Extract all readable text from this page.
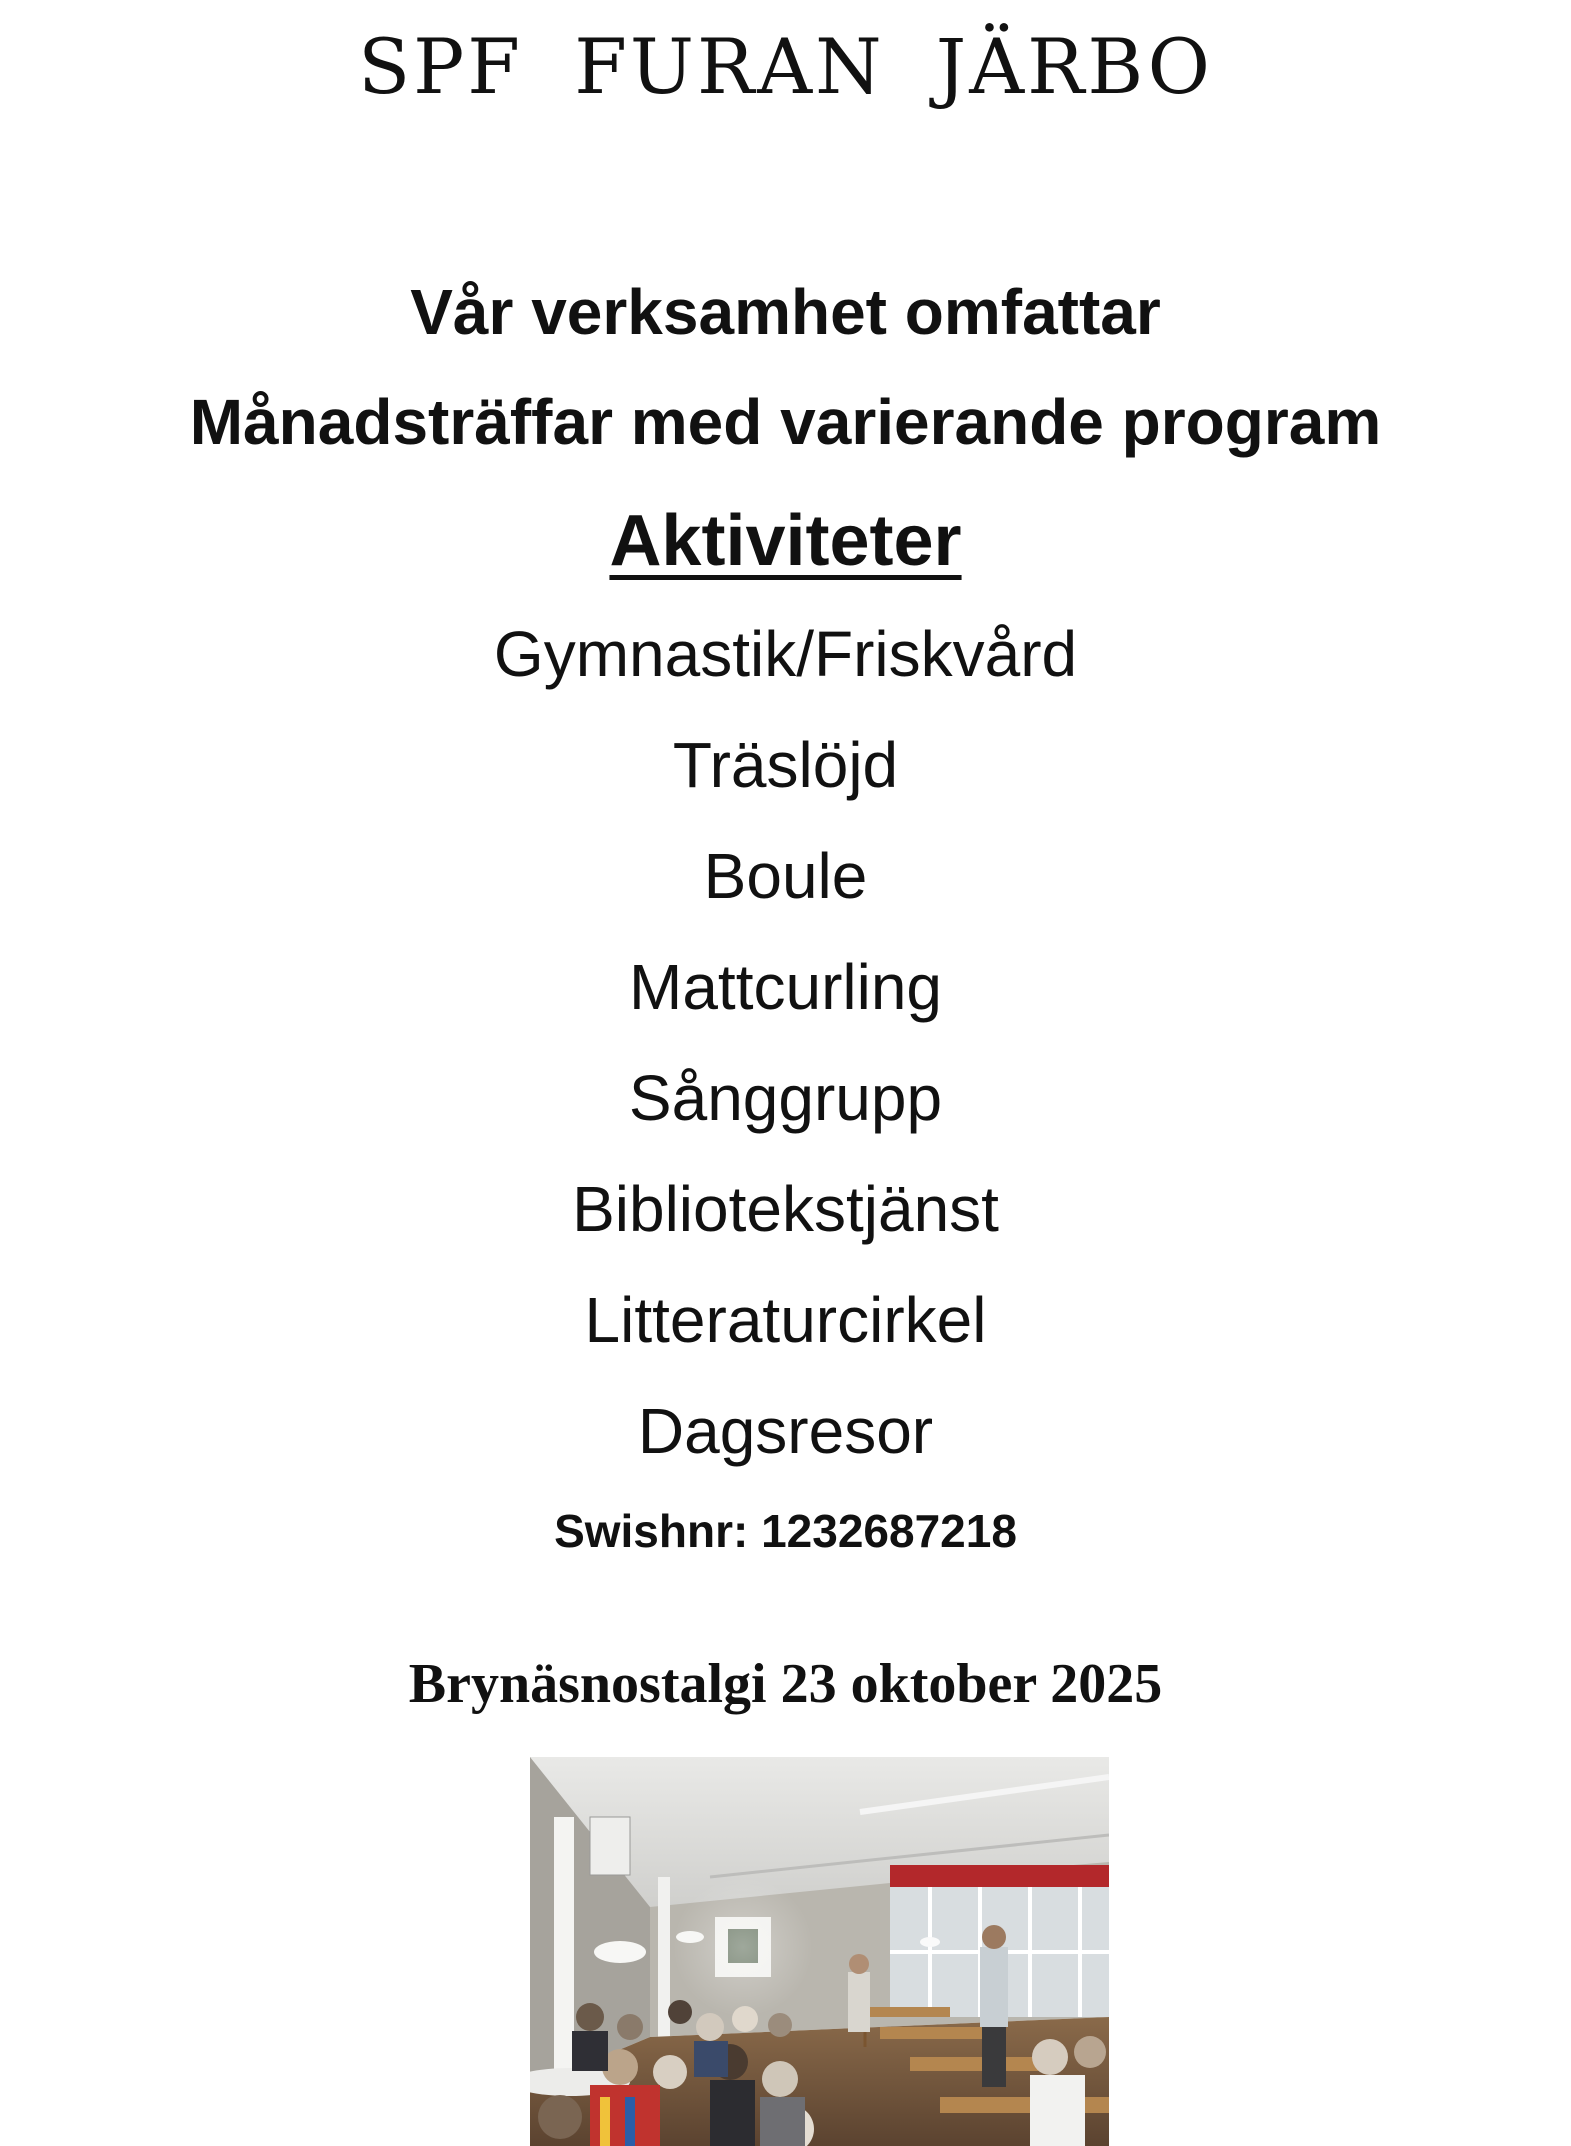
SPF FURAN JÄRBO
Vår verksamhet omfattar
Månadsträffar med varierande program
Aktiviteter
Gymnastik/Friskvård
Träslöjd
Boule
Mattcurling
Sånggrupp
Bibliotekstjänst
Litteraturcirkel
Dagsresor
Swishnr: 1232687218
Brynäsnostalgi 23 oktober 2025
